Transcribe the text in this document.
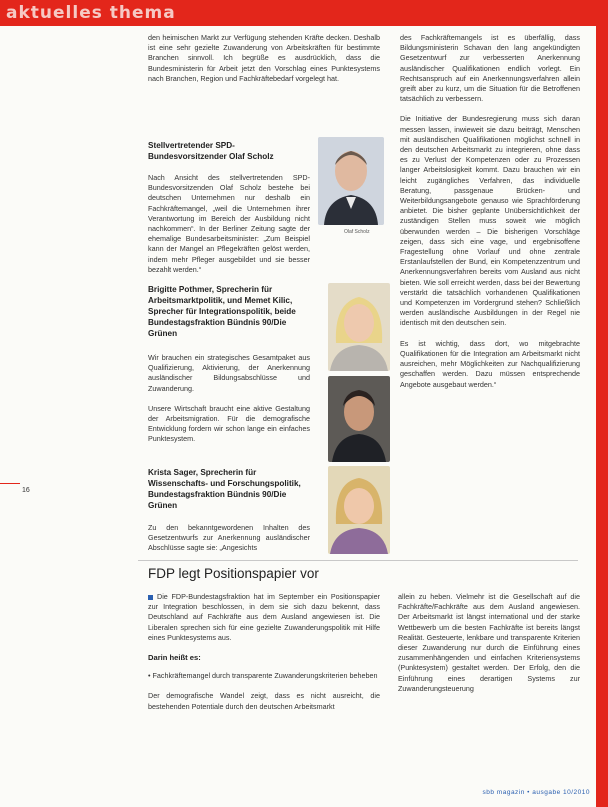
aktuelles thema

den heimischen Markt zur Verfügung stehenden Kräfte decken. Deshalb ist eine sehr gezielte Zuwanderung von Arbeitskräften für bestimmte Branchen sinnvoll. Ich begrüße es ausdrücklich, dass die Bundesministerin für Arbeit jetzt den Vorschlag eines Punktesystems nach Branchen, Region und Fachkräftebedarf vorgelegt hat.

Stellvertretender SPD-Bundesvorsitzender Olaf Scholz

Nach Ansicht des stellvertretenden SPD-Bundesvorsitzenden Olaf Scholz bestehe bei deutschen Unternehmen nur deshalb ein Fachkräftemangel, „weil die Unternehmen ihrer Verantwortung im Bereich der Ausbildung nicht nachkommen“. In der Berliner Zeitung sagte der ehemalige Bundesarbeitsminister: „Zum Beispiel kann der Mangel an Pflegekräften gelöst werden, indem mehr Pfleger ausgebildet und sie besser bezahlt werden.“

Olaf Scholz
Brigitte Pothmer, Sprecherin für Arbeitsmarktpolitik, und Memet Kilic, Sprecher für Integrationspolitik, beide Bundestagsfraktion Bündnis 90/Die Grünen

Wir brauchen ein strategisches Gesamtpaket aus Qualifizierung, Aktivierung, der Anerkennung ausländischer Bildungsabschlüsse und Zuwanderung.

Unsere Wirtschaft braucht eine aktive Gestaltung der Arbeitsmigration. Für die demografische Entwicklung fordern wir schon lange ein einfaches Punktesystem.

Krista Sager, Sprecherin für Wissenschafts- und Forschungspolitik, Bundestagsfraktion Bündnis 90/Die Grünen

Zu den bekanntgewordenen Inhalten des Gesetzentwurfs zur Anerkennung ausländischer Abschlüsse sagte sie: „Angesichts

des Fachkräftemangels ist es überfällig, dass Bildungsministerin Schavan den lang angekündigten Gesetzentwurf zur verbesserten Anerkennung ausländischer Qualifikationen endlich vorlegt. Ein Rechtsanspruch auf ein Anerkennungsverfahren allein greift aber zu kurz, um die Situation für die Betroffenen tatsächlich zu verbessern.

Die Initiative der Bundesregierung muss sich daran messen lassen, inwieweit sie dazu beiträgt, Menschen mit ausländischen Qualifikationen möglichst schnell in den deutschen Arbeitsmarkt zu integrieren, ohne dass es zu Verlust der Kompetenzen oder zu Prozessen langer Arbeitslosigkeit kommt. Dazu brauchen wir ein leicht zugängliches Verfahren, das individuelle Beratung, passgenaue Brücken- und Weiterbildungsangebote genauso wie Sprachförderung anbietet. Die bisher geplante Unübersichtlichkeit der zuständigen Stellen muss soweit wie möglich überwunden werden – Die bisherigen Vorschläge zeigen, dass sich eine vage, und ergebnisoffene Fragestellung ohne Vorlauf und ohne zentrale Erstanlaufstellen der Bund, ein Kompetenzzentrum und Anerkennungsverfahren bereits vom Ausland aus nicht bieten. Wie soll erreicht werden, dass bei der Bewertung verstärkt die tatsächlich vorhandenen Qualifikationen und Kompetenzen im Vordergrund stehen? Schließlich werden ausländische Ausbildungen in der Regel nie identisch mit den deutschen sein.

Es ist wichtig, dass dort, wo mitgebrachte Qualifikationen für die Integration am Arbeitsmarkt nicht ausreichen, mehr Möglichkeiten zur Nachqualifizierung geschaffen werden. Dazu müssen entsprechende Angebote ausgebaut werden.“

16
FDP legt Positionspapier vor

Die FDP-Bundestagsfraktion hat im September ein Positionspapier zur Integration beschlossen, in dem sie sich dazu bekennt, dass Deutschland auf Fachkräfte aus dem Ausland angewiesen ist. Die Liberalen sprechen sich für eine gezielte Zuwanderungspolitik mit Hilfe eines Punktesystems aus.

Darin heißt es:

• Fachkräftemangel durch transparente Zuwanderungskriterien beheben

Der demografische Wandel zeigt, dass es nicht ausreicht, die bestehenden Potentiale durch den deutschen Arbeitsmarkt

allein zu heben. Vielmehr ist die Gesellschaft auf die Fachkräfte/Fachkräfte aus dem Ausland angewiesen. Der Arbeitsmarkt ist längst international und der starke Wettbewerb um die besten Fachkräfte ist bereits längst Realität. Gesteuerte, lenkbare und transparente Kriterien dieser Zuwanderung nur durch die Einführung eines zusammenhängenden und einfachen Kriteriensystems (Punktesystem) gestaltet werden. Der Erfolg, den die Einführung eines derartigen Systems zur Zuwanderungsteuerung

sbb magazin • ausgabe 10/2010
